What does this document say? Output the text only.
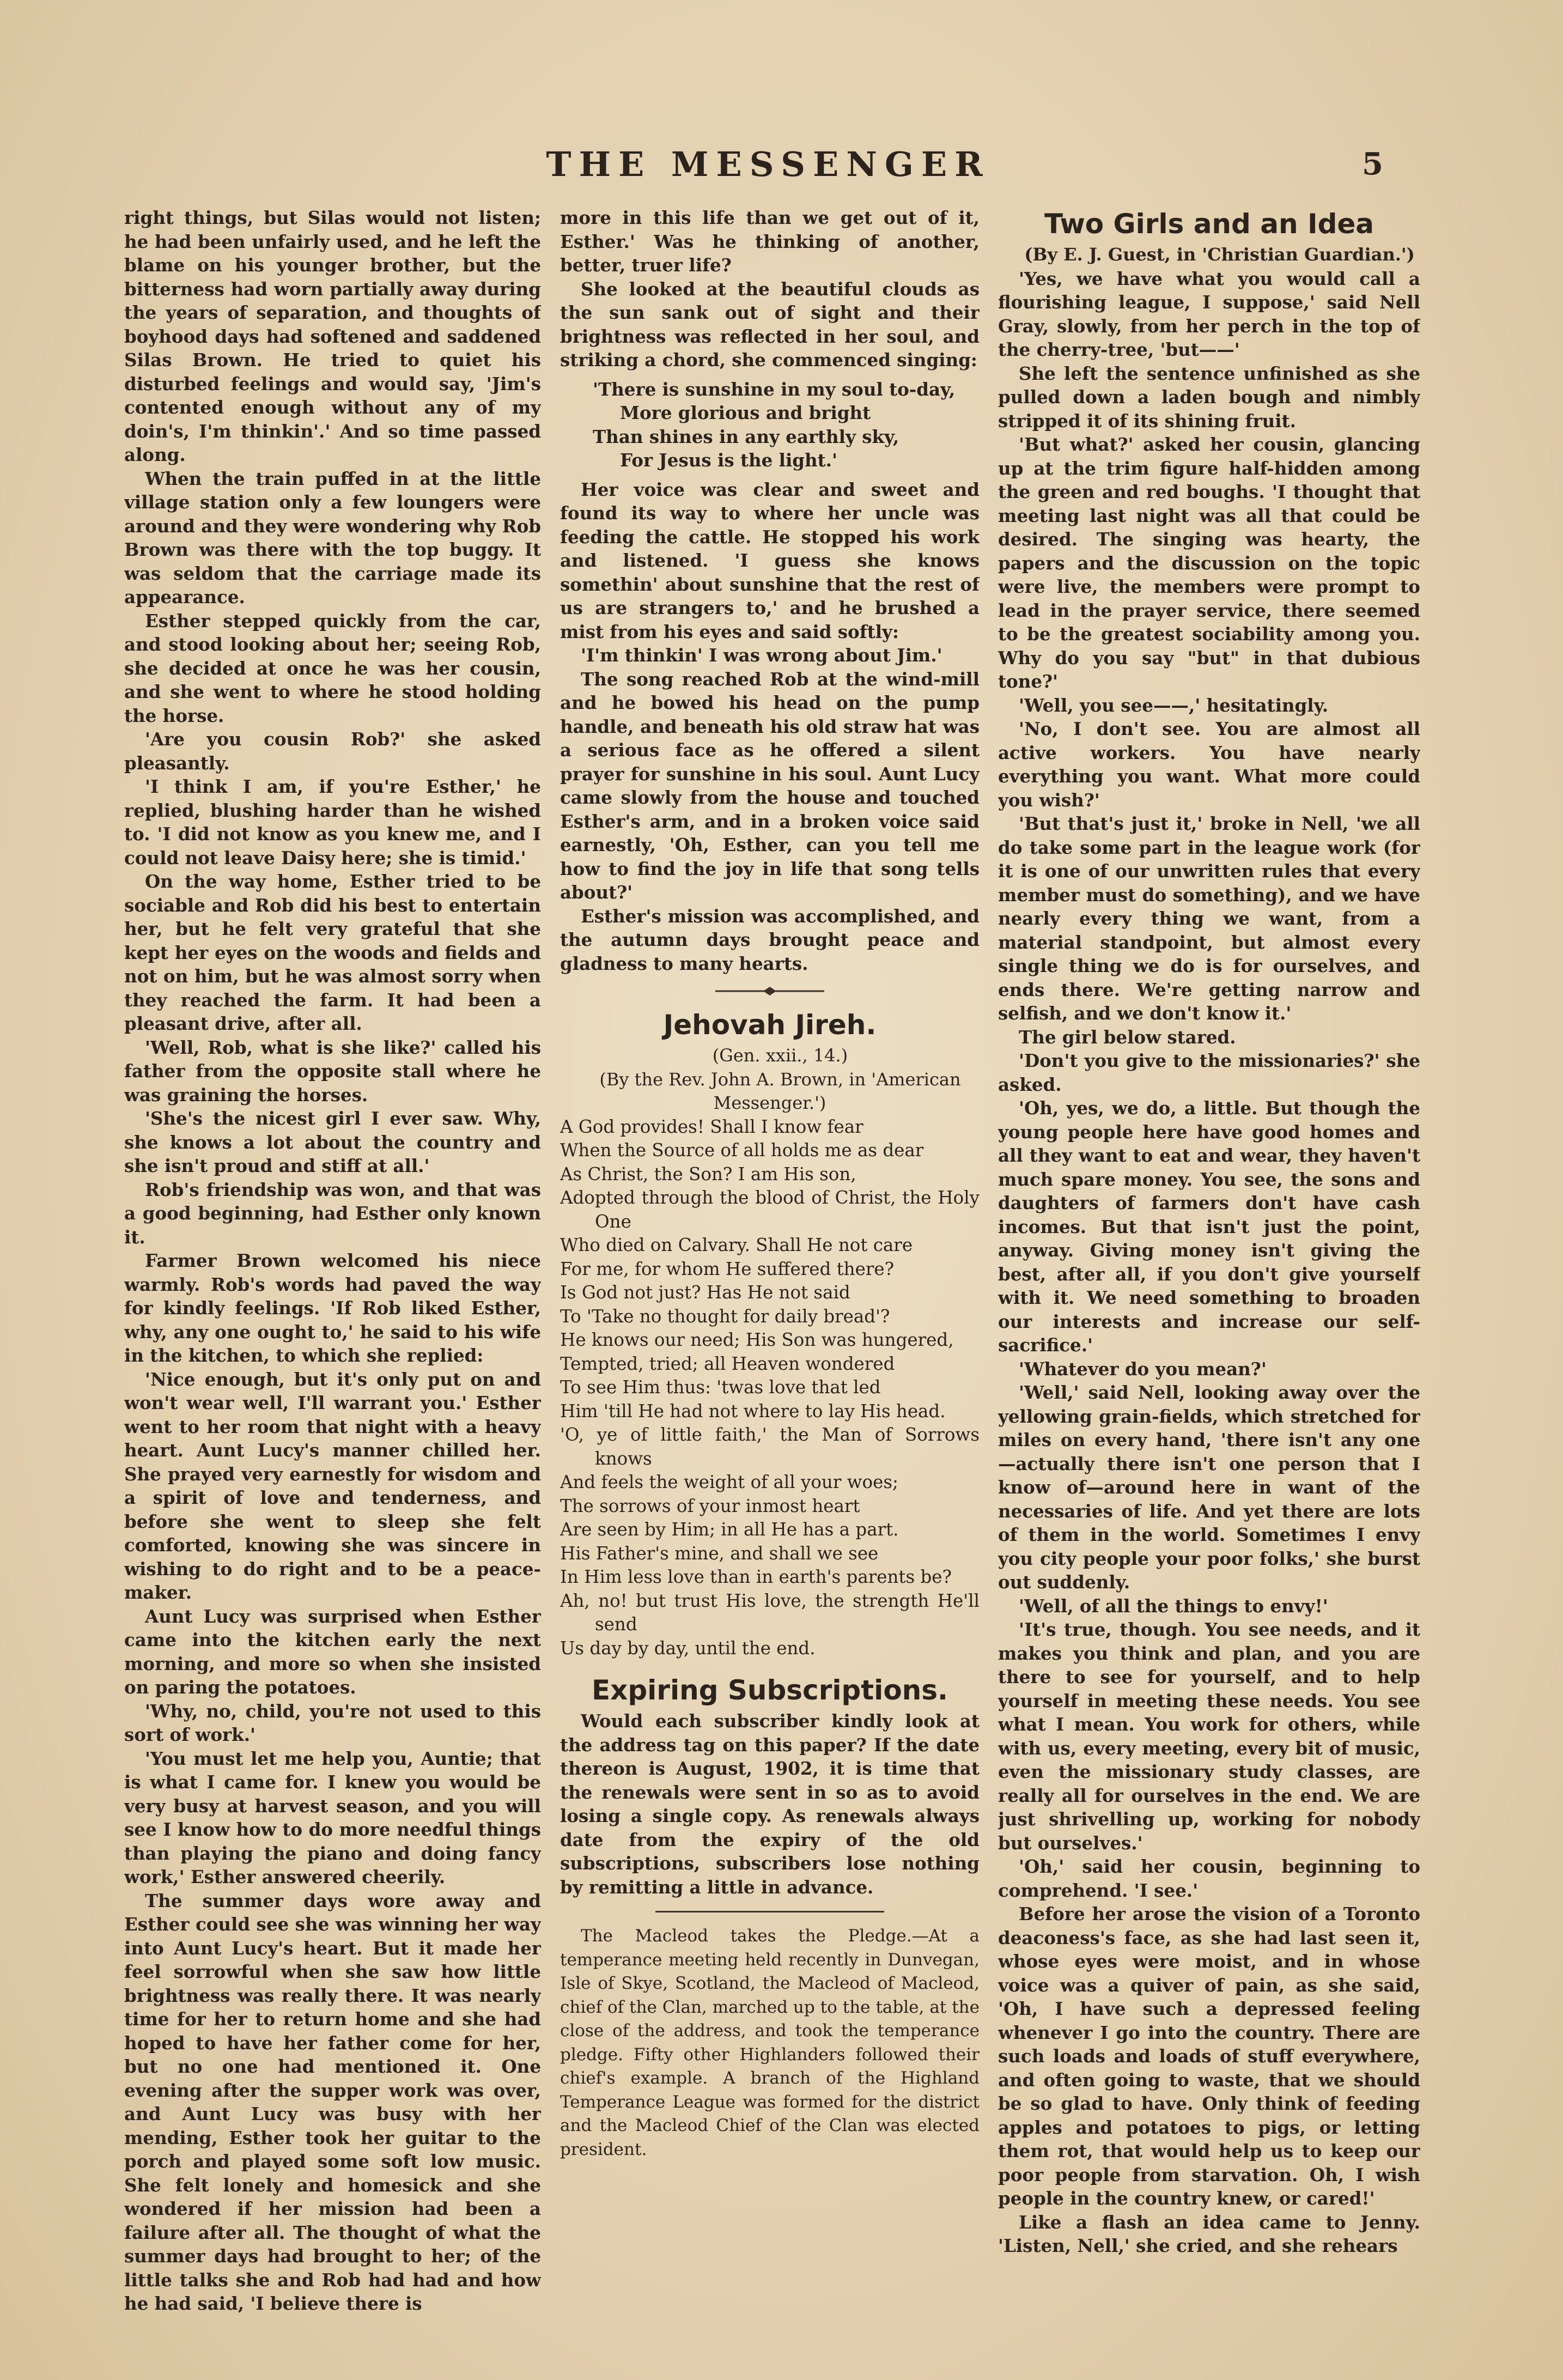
THE MESSENGER	5

right things, but Silas would not listen; he had been unfairly used, and he left the blame on his younger brother, but the bitterness had worn partially away during the years of separation, and thoughts of boyhood days had softened and saddened Silas Brown. He tried to quiet his disturbed feelings and would say, 'Jim's contented enough without any of my doin's, I'm thinkin'.' And so time passed along.

When the train puffed in at the little village station only a few loungers were around and they were wondering why Rob Brown was there with the top buggy. It was seldom that the carriage made its appearance.

Esther stepped quickly from the car, and stood looking about her; seeing Rob, she decided at once he was her cousin, and she went to where he stood holding the horse.

'Are you cousin Rob?' she asked pleasantly.

'I think I am, if you're Esther,' he replied, blushing harder than he wished to. 'I did not know as you knew me, and I could not leave Daisy here; she is timid.'

On the way home, Esther tried to be sociable and Rob did his best to entertain her, but he felt very grateful that she kept her eyes on the woods and fields and not on him, but he was almost sorry when they reached the farm. It had been a pleasant drive, after all.

'Well, Rob, what is she like?' called his father from the opposite stall where he was graining the horses.

'She's the nicest girl I ever saw. Why, she knows a lot about the country and she isn't proud and stiff at all.'

Rob's friendship was won, and that was a good beginning, had Esther only known it.

Farmer Brown welcomed his niece warmly. Rob's words had paved the way for kindly feelings. 'If Rob liked Esther, why, any one ought to,' he said to his wife in the kitchen, to which she replied:

'Nice enough, but it's only put on and won't wear well, I'll warrant you.' Esther went to her room that night with a heavy heart. Aunt Lucy's manner chilled her. She prayed very earnestly for wisdom and a spirit of love and tenderness, and before she went to sleep she felt comforted, knowing she was sincere in wishing to do right and to be a peace-maker.

Aunt Lucy was surprised when Esther came into the kitchen early the next morning, and more so when she insisted on paring the potatoes.

'Why, no, child, you're not used to this sort of work.'

'You must let me help you, Auntie; that is what I came for. I knew you would be very busy at harvest season, and you will see I know how to do more needful things than playing the piano and doing fancy work,' Esther answered cheerily.

The summer days wore away and Esther could see she was winning her way into Aunt Lucy's heart. But it made her feel sorrowful when she saw how little brightness was really there. It was nearly time for her to return home and she had hoped to have her father come for her, but no one had mentioned it. One evening after the supper work was over, and Aunt Lucy was busy with her mending, Esther took her guitar to the porch and played some soft low music. She felt lonely and homesick and she wondered if her mission had been a failure after all. The thought of what the summer days had brought to her; of the little talks she and Rob had had and how he had said, 'I believe there is

more in this life than we get out of it, Esther.' Was he thinking of another, better, truer life?

She looked at the beautiful clouds as the sun sank out of sight and their brightness was reflected in her soul, and striking a chord, she commenced singing:

'There is sunshine in my soul to-day,

More glorious and bright

Than shines in any earthly sky,

For Jesus is the light.'

Her voice was clear and sweet and found its way to where her uncle was feeding the cattle. He stopped his work and listened. 'I guess she knows somethin' about sunshine that the rest of us are strangers to,' and he brushed a mist from his eyes and said softly:

'I'm thinkin' I was wrong about Jim.'

The song reached Rob at the wind-mill and he bowed his head on the pump handle, and beneath his old straw hat was a serious face as he offered a silent prayer for sunshine in his soul. Aunt Lucy came slowly from the house and touched Esther's arm, and in a broken voice said earnestly, 'Oh, Esther, can you tell me how to find the joy in life that song tells about?'

Esther's mission was accomplished, and the autumn days brought peace and gladness to many hearts.

Jehovah Jireh.

(Gen. xxii., 14.)

(By the Rev. John A. Brown, in 'American Messenger.')

A God provides! Shall I know fear
When the Source of all holds me as dear
As Christ, the Son? I am His son,
Adopted through the blood of Christ, the Holy One
Who died on Calvary. Shall He not care
For me, for whom He suffered there?
Is God not just? Has He not said
To 'Take no thought for daily bread'?
He knows our need; His Son was hungered,
Tempted, tried; all Heaven wondered
To see Him thus: 'twas love that led
Him 'till He had not where to lay His head.
'O, ye of little faith,' the Man of Sorrows knows
And feels the weight of all your woes;
The sorrows of your inmost heart
Are seen by Him; in all He has a part.
His Father's mine, and shall we see
In Him less love than in earth's parents be?
Ah, no! but trust His love, the strength He'll send
Us day by day, until the end.
Expiring Subscriptions.

Would each subscriber kindly look at the address tag on this paper? If the date thereon is August, 1902, it is time that the renewals were sent in so as to avoid losing a single copy. As renewals always date from the expiry of the old subscriptions, subscribers lose nothing by remitting a little in advance.

The Macleod takes the Pledge.—At a temperance meeting held recently in Dunvegan, Isle of Skye, Scotland, the Macleod of Macleod, chief of the Clan, marched up to the table, at the close of the address, and took the temperance pledge. Fifty other Highlanders followed their chief's example. A branch of the Highland Temperance League was formed for the district and the Macleod Chief of the Clan was elected president.

Two Girls and an Idea

(By E. J. Guest, in 'Christian Guardian.')

'Yes, we have what you would call a flourishing league, I suppose,' said Nell Gray, slowly, from her perch in the top of the cherry-tree, 'but——'

She left the sentence unfinished as she pulled down a laden bough and nimbly stripped it of its shining fruit.

'But what?' asked her cousin, glancing up at the trim figure half-hidden among the green and red boughs. 'I thought that meeting last night was all that could be desired. The singing was hearty, the papers and the discussion on the topic were live, the members were prompt to lead in the prayer service, there seemed to be the greatest sociability among you. Why do you say "but" in that dubious tone?'

'Well, you see——,' hesitatingly.

'No, I don't see. You are almost all active workers. You have nearly everything you want. What more could you wish?'

'But that's just it,' broke in Nell, 'we all do take some part in the league work (for it is one of our unwritten rules that every member must do something), and we have nearly every thing we want, from a material standpoint, but almost every single thing we do is for ourselves, and ends there. We're getting narrow and selfish, and we don't know it.'

The girl below stared.

'Don't you give to the missionaries?' she asked.

'Oh, yes, we do, a little. But though the young people here have good homes and all they want to eat and wear, they haven't much spare money. You see, the sons and daughters of farmers don't have cash incomes. But that isn't just the point, anyway. Giving money isn't giving the best, after all, if you don't give yourself with it. We need something to broaden our interests and increase our self-sacrifice.'

'Whatever do you mean?'

'Well,' said Nell, looking away over the yellowing grain-fields, which stretched for miles on every hand, 'there isn't any one —actually there isn't one person that I know of—around here in want of the necessaries of life. And yet there are lots of them in the world. Sometimes I envy you city people your poor folks,' she burst out suddenly.

'Well, of all the things to envy!'

'It's true, though. You see needs, and it makes you think and plan, and you are there to see for yourself, and to help yourself in meeting these needs. You see what I mean. You work for others, while with us, every meeting, every bit of music, even the missionary study classes, are really all for ourselves in the end. We are just shrivelling up, working for nobody but ourselves.'

'Oh,' said her cousin, beginning to comprehend. 'I see.'

Before her arose the vision of a Toronto deaconess's face, as she had last seen it, whose eyes were moist, and in whose voice was a quiver of pain, as she said, 'Oh, I have such a depressed feeling whenever I go into the country. There are such loads and loads of stuff everywhere, and often going to waste, that we should be so glad to have. Only think of feeding apples and potatoes to pigs, or letting them rot, that would help us to keep our poor people from starvation. Oh, I wish people in the country knew, or cared!'

Like a flash an idea came to Jenny. 'Listen, Nell,' she cried, and she rehears
